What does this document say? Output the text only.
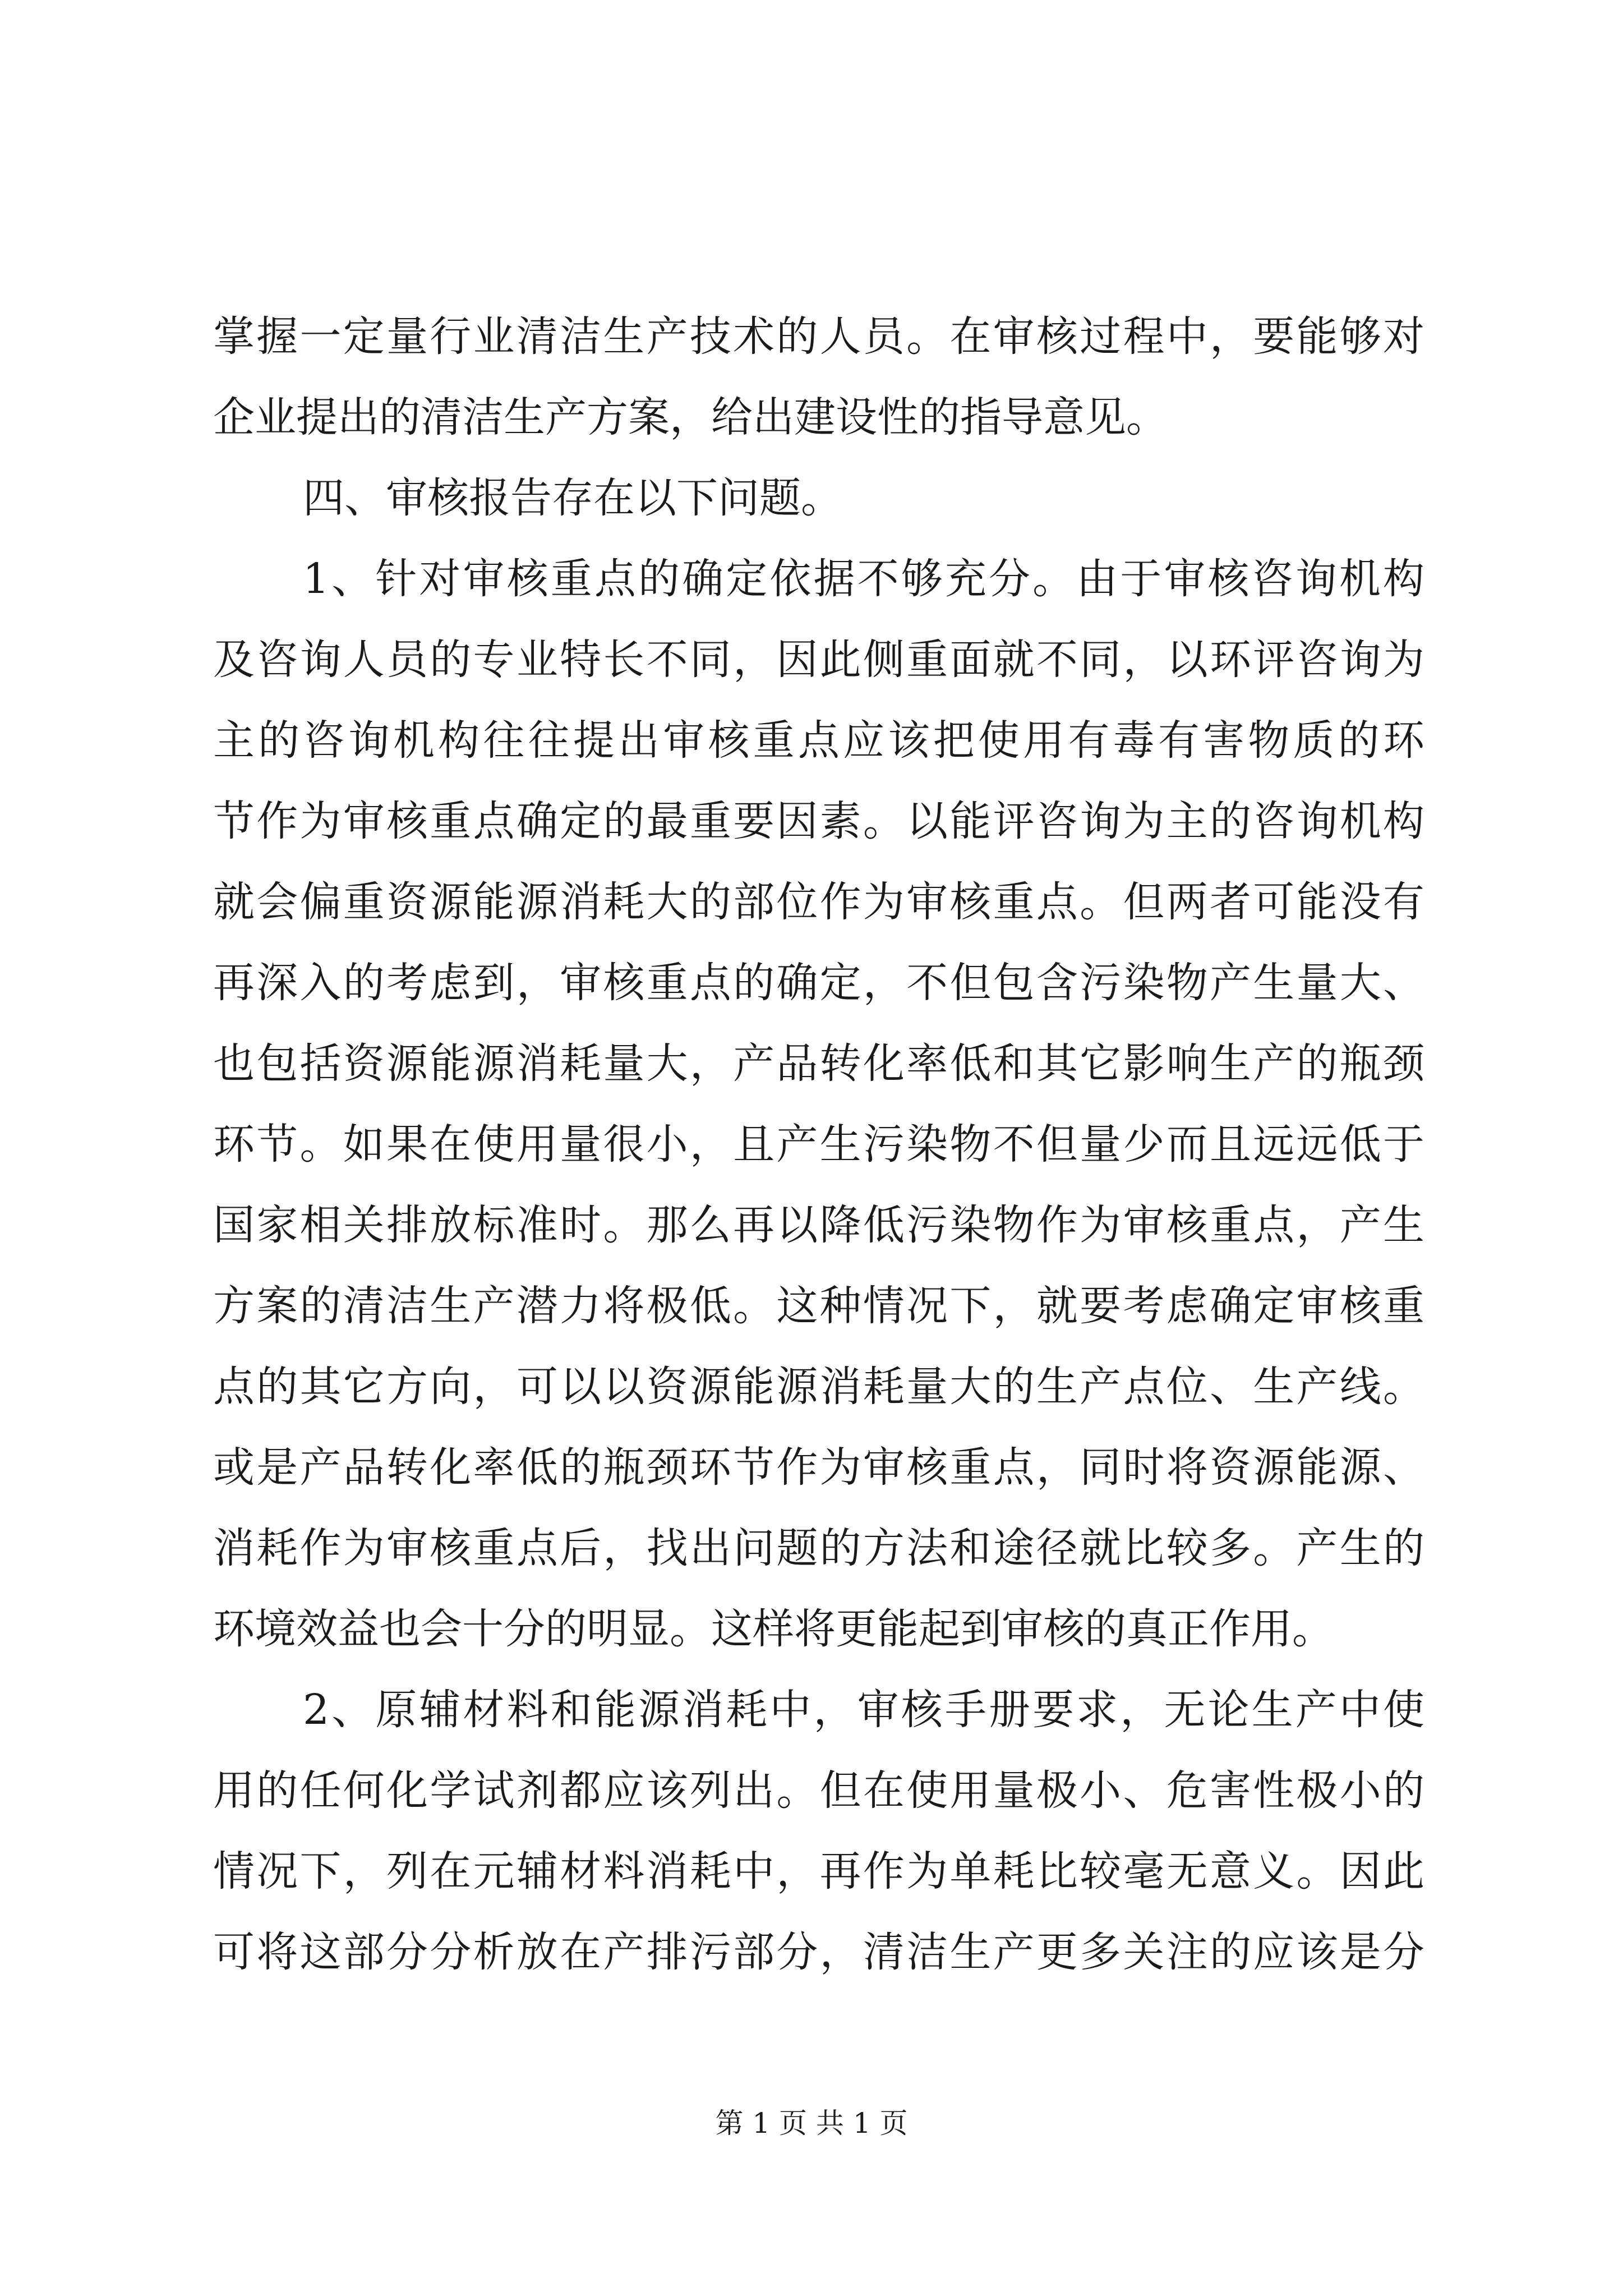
掌握一定量行业清洁生产技术的人员。在审核过程中，要能够对
企业提出的清洁生产方案，给出建设性的指导意见。
四、审核报告存在以下问题。
1、针对审核重点的确定依据不够充分。由于审核咨询机构
及咨询人员的专业特长不同，因此侧重面就不同，以环评咨询为
主的咨询机构往往提出审核重点应该把使用有毒有害物质的环
节作为审核重点确定的最重要因素。以能评咨询为主的咨询机构
就会偏重资源能源消耗大的部位作为审核重点。但两者可能没有
再深入的考虑到，审核重点的确定，不但包含污染物产生量大、
也包括资源能源消耗量大，产品转化率低和其它影响生产的瓶颈
环节。如果在使用量很小，且产生污染物不但量少而且远远低于
国家相关排放标准时。那么再以降低污染物作为审核重点，产生
方案的清洁生产潜力将极低。这种情况下，就要考虑确定审核重
点的其它方向，可以以资源能源消耗量大的生产点位、生产线。
或是产品转化率低的瓶颈环节作为审核重点，同时将资源能源、
消耗作为审核重点后，找出问题的方法和途径就比较多。产生的
环境效益也会十分的明显。这样将更能起到审核的真正作用。
2、原辅材料和能源消耗中，审核手册要求，无论生产中使
用的任何化学试剂都应该列出。但在使用量极小、危害性极小的
情况下，列在元辅材料消耗中，再作为单耗比较毫无意义。因此
可将这部分分析放在产排污部分，清洁生产更多关注的应该是分
第 1 页 共 1 页
